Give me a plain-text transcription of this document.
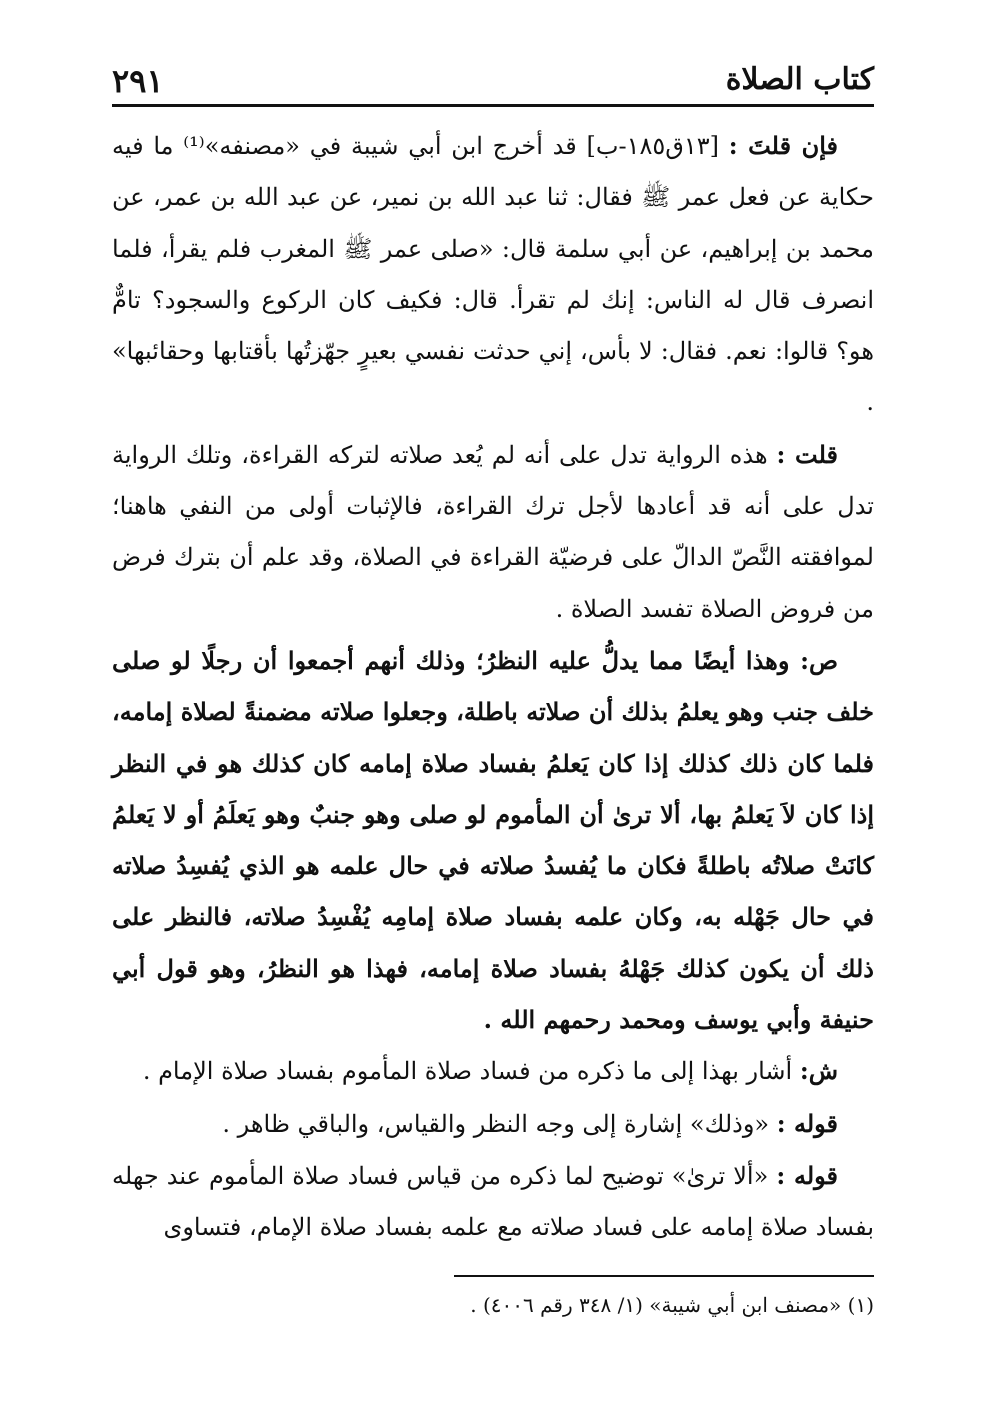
كتاب الصلاة
٢٩١

فإن قلتَ : [١٣ق١٨٥-ب] قد أخرج ابن أبي شيبة في «مصنفه»⁽¹⁾ ما فيه حكاية عن فعل عمر ﷺ فقال: ثنا عبد الله بن نمير، عن عبد الله بن عمر، عن محمد بن إبراهيم، عن أبي سلمة قال: «صلى عمر ﷺ المغرب فلم يقرأ، فلما انصرف قال له الناس: إنك لم تقرأ. قال: فكيف كان الركوع والسجود؟ تامٌّ هو؟ قالوا: نعم. فقال: لا بأس، إني حدثت نفسي بعيرٍ جهّزتُها بأقتابها وحقائبها» .

قلت : هذه الرواية تدل على أنه لم يُعد صلاته لتركه القراءة، وتلك الرواية تدل على أنه قد أعادها لأجل ترك القراءة، فالإثبات أولى من النفي هاهنا؛ لموافقته النَّصّ الدالّ على فرضيّة القراءة في الصلاة، وقد علم أن بترك فرض من فروض الصلاة تفسد الصلاة .

ص: وهذا أيضًا مما يدلُّ عليه النظرُ؛ وذلك أنهم أجمعوا أن رجلًا لو صلى خلف جنب وهو يعلمُ بذلك أن صلاته باطلة، وجعلوا صلاته مضمنةً لصلاة إمامه، فلما كان ذلك كذلك إذا كان يَعلمُ بفساد صلاة إمامه كان كذلك هو في النظر إذا كان لاَ يَعلمُ بها، ألا ترىٰ أن المأموم لو صلى وهو جنبٌ وهو يَعلَمُ أو لا يَعلمُ كانَتْ صلاتُه باطلةً فكان ما يُفسدُ صلاته في حال علمه هو الذي يُفسِدُ صلاته في حال جَهْله به، وكان علمه بفساد صلاة إمامِه يُفْسِدُ صلاته، فالنظر على ذلك أن يكون كذلك جَهْلهُ بفساد صلاة إمامه، فهذا هو النظرُ، وهو قول أبي حنيفة وأبي يوسف ومحمد رحمهم الله .

ش: أشار بهذا إلى ما ذكره من فساد صلاة المأموم بفساد صلاة الإمام .

قوله : «وذلك» إشارة إلى وجه النظر والقياس، والباقي ظاهر .

قوله : «ألا ترىٰ» توضيح لما ذكره من قياس فساد صلاة المأموم عند جهله بفساد صلاة إمامه على فساد صلاته مع علمه بفساد صلاة الإمام، فتساوى

(١) «مصنف ابن أبي شيبة» (١/ ٣٤٨ رقم ٤٠٠٦) .
